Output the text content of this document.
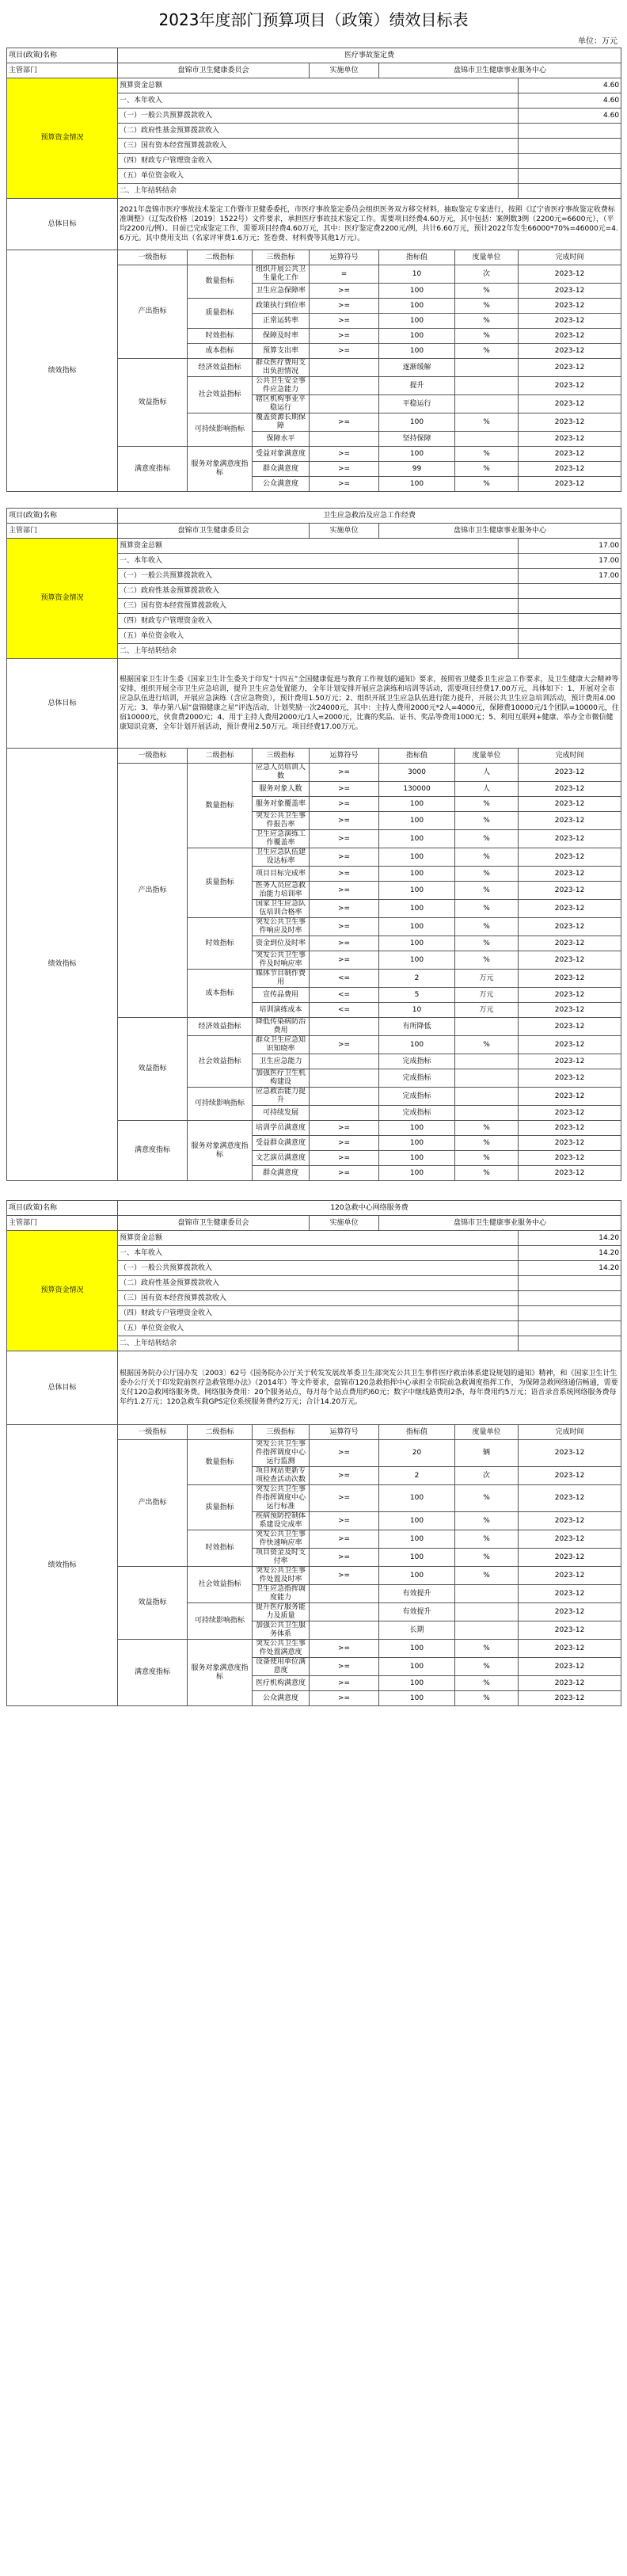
2023年度部门预算项目（政策）绩效目标表
单位：万元
项目(政策)名称	医疗事故鉴定费						
主管部门	盘锦市卫生健康委员会			实施单位	盘锦市卫生健康事业服务中心		
预算资金情况	预算资金总额						4.60
	一、本年收入						4.60
	（一）一般公共预算拨款收入						4.60
	（二）政府性基金预算拨款收入						
	（三）国有资本经营预算拨款收入						
	（四）财政专户管理资金收入						
	（五）单位资金收入						
	二、上年结转结余						
总体目标	2021年盘锦市医疗事故技术鉴定工作暨市卫健委委托，市医疗事故鉴定委员会组织医务双方移交材料，抽取鉴定专家进行，按照《辽宁省医疗事故鉴定收费标准调整》（辽发改价格〔2019〕1522号）文件要求，承担医疗事故技术鉴定工作。需要项目经费4.60万元，其中包括：案例数3例（2200元=6600元），（平均2200元/例）。目前已完成鉴定工作，需要项目经费4.60万元，其中：医疗鉴定费2200元/例，共计6.60万元，预计2022年发生66000*70%=46000元=4.6万元。其中费用支出（名家评审费1.6万元；签卷费、材料费等其他1万元）。						
绩效指标	一级指标	二级指标	三级指标	运算符号	指标值	度量单位	完成时间
	产出指标	数量指标	组织开展公共卫生量化工作	=	10	次	2023-12
			卫生应急保障率	>=	100	%	2023-12
		质量指标	政策执行到位率	>=	100	%	2023-12
			正常运转率	>=	100	%	2023-12
		时效指标	保障及时率	>=	100	%	2023-12
		成本指标	预算支出率	>=	100	%	2023-12
	效益指标	经济效益指标	群众医疗费用支出负担情况		逐渐缓解		2023-12
		社会效益指标	公共卫生安全事件应急能力		提升		2023-12
			辖区机构事业平稳运行		平稳运行		2023-12
		可持续影响指标	覆盖资源长期保障	>=	100	%	2023-12
			保障水平		坚持保障		2023-12
	满意度指标	服务对象满意度指标	受益对象满意度	>=	100	%	2023-12
			群众满意度	>=	99	%	2023-12
			公众满意度	>=	100	%	2023-12
项目(政策)名称	卫生应急救治及应急工作经费						
主管部门	盘锦市卫生健康委员会			实施单位	盘锦市卫生健康事业服务中心		
预算资金情况	预算资金总额						17.00
	一、本年收入						17.00
	（一）一般公共预算拨款收入						17.00
	（二）政府性基金预算拨款收入						
	（三）国有资本经营预算拨款收入						
	（四）财政专户管理资金收入						
	（五）单位资金收入						
	二、上年结转结余						
总体目标	根据国家卫生计生委《国家卫生计生委关于印发“十四五”全国健康促进与教育工作规划的通知》要求，按照省卫健委卫生应急工作要求，及卫生健康大会精神等安排，组织开展全市卫生应急培训，提升卫生应急处置能力，全年计划安排开展应急演练和培训等活动，需要项目经费17.00万元，具体如下：1、开展对全市应急队伍进行培训，开展应急演练（含应急物资），预计费用1.50万元；2、组织开展卫生应急队伍进行能力提升，开展公共卫生应急培训活动，预计费用4.00万元；3、举办第八届“盘锦健康之星”评选活动，计划奖励一次24000元，其中：主持人费用2000元*2人=4000元，保障费10000元/1个团队=10000元，住宿10000元，伙食费2000元；4、用于主持人费用2000元/1人=2000元，比赛的奖品、证书、奖品等费用1000元；5、利用互联网+健康、举办全市微信健康知识竞赛，全年计划开展活动，预计费用2.50万元。项目经费17.00万元。						
绩效指标	一级指标	二级指标	三级指标	运算符号	指标值	度量单位	完成时间
	产出指标	数量指标	应急人员培训人数	>=	3000	人	2023-12
			服务对象人数	>=	130000	人	2023-12
			服务对象覆盖率	>=	100	%	2023-12
			突发公共卫生事件报告率	>=	100	%	2023-12
			卫生应急演练工作覆盖率	>=	100	%	2023-12
		质量指标	卫生应急队伍建设达标率	>=	100	%	2023-12
			项目目标完成率	>=	100	%	2023-12
			医务人员应急救治能力培训率	>=	100	%	2023-12
			国家卫生应急队伍培训合格率	>=	100	%	2023-12
		时效指标	突发公共卫生事件响应及时率	>=	100	%	2023-12
			资金到位及时率	>=	100	%	2023-12
			突发公共卫生事件及时响应率	>=	100	%	2023-12
		成本指标	媒体节目制作费用	<=	2	万元	2023-12
			宣传品费用	<=	5	万元	2023-12
			培训演练成本	<=	10	万元	2023-12
	效益指标	经济效益指标	降低传染病防治费用		有所降低		2023-12
		社会效益指标	群众卫生应急知识知晓率	>=	100	%	2023-12
			卫生应急能力		完成指标		2023-12
			加强医疗卫生机构建设		完成指标		2023-12
		可持续影响指标	应急救治能力提升		完成指标		2023-12
			可持续发展		完成指标		2023-12
	满意度指标	服务对象满意度指标	培训学员满意度	>=	100	%	2023-12
			受益群众满意度	>=	100	%	2023-12
			文艺演员满意度	>=	100	%	2023-12
			群众满意度	>=	100	%	2023-12
项目(政策)名称	120急救中心网络服务费						
主管部门	盘锦市卫生健康委员会			实施单位	盘锦市卫生健康事业服务中心		
预算资金情况	预算资金总额						14.20
	一、本年收入						14.20
	（一）一般公共预算拨款收入						14.20
	（二）政府性基金预算拨款收入						
	（三）国有资本经营预算拨款收入						
	（四）财政专户管理资金收入						
	（五）单位资金收入						
	二、上年结转结余						
总体目标	根据国务院办公厅国办发〔2003〕62号《国务院办公厅关于转发发展改革委卫生部突发公共卫生事件医疗救治体系建设规划的通知》精神，和《国家卫生计生委办公厅关于印发院前医疗急救管理办法》（2014年）等文件要求，盘锦市120急救指挥中心承担全市院前急救调度指挥工作，为保障急救网络通信畅通，需要支付120急救网络服务费。网络服务费用：20个服务站点，每月每个站点费用约60元；数字中继线路费用2条，每年费用约5万元；语音录音系统网络服务费每年约1.2万元；120急救车载GPS定位系统服务费约2万元；合计14.20万元。						
绩效指标	一级指标	二级指标	三级指标	运算符号	指标值	度量单位	完成时间
	产出指标	数量指标	突发公共卫生事件指挥调度中心运行监测	>=	20	辆	2023-12
			项目网站更新专项检查活动次数	>=	2	次	2023-12
		质量指标	突发公共卫生事件指挥调度中心运行标准	>=	100	%	2023-12
			疾病预防控制体系建设完成率	>=	100	%	2023-12
		时效指标	突发公共卫生事件快速响应率	>=	100	%	2023-12
			项目资金及时支付率	>=	100	%	2023-12
	效益指标	社会效益指标	突发公共卫生事件处置及时率	>=	100	%	2023-12
			卫生应急指挥调度能力		有效提升		2023-12
		可持续影响指标	提升医疗服务能力及质量		有效提升		2023-12
			加强公共卫生服务体系		长期		2023-12
	满意度指标	服务对象满意度指标	突发公共卫生事件处置满意度	>=	100	%	2023-12
			设备使用单位满意度	>=	100	%	2023-12
			医疗机构满意度	>=	100	%	2023-12
			公众满意度	>=	100	%	2023-12
